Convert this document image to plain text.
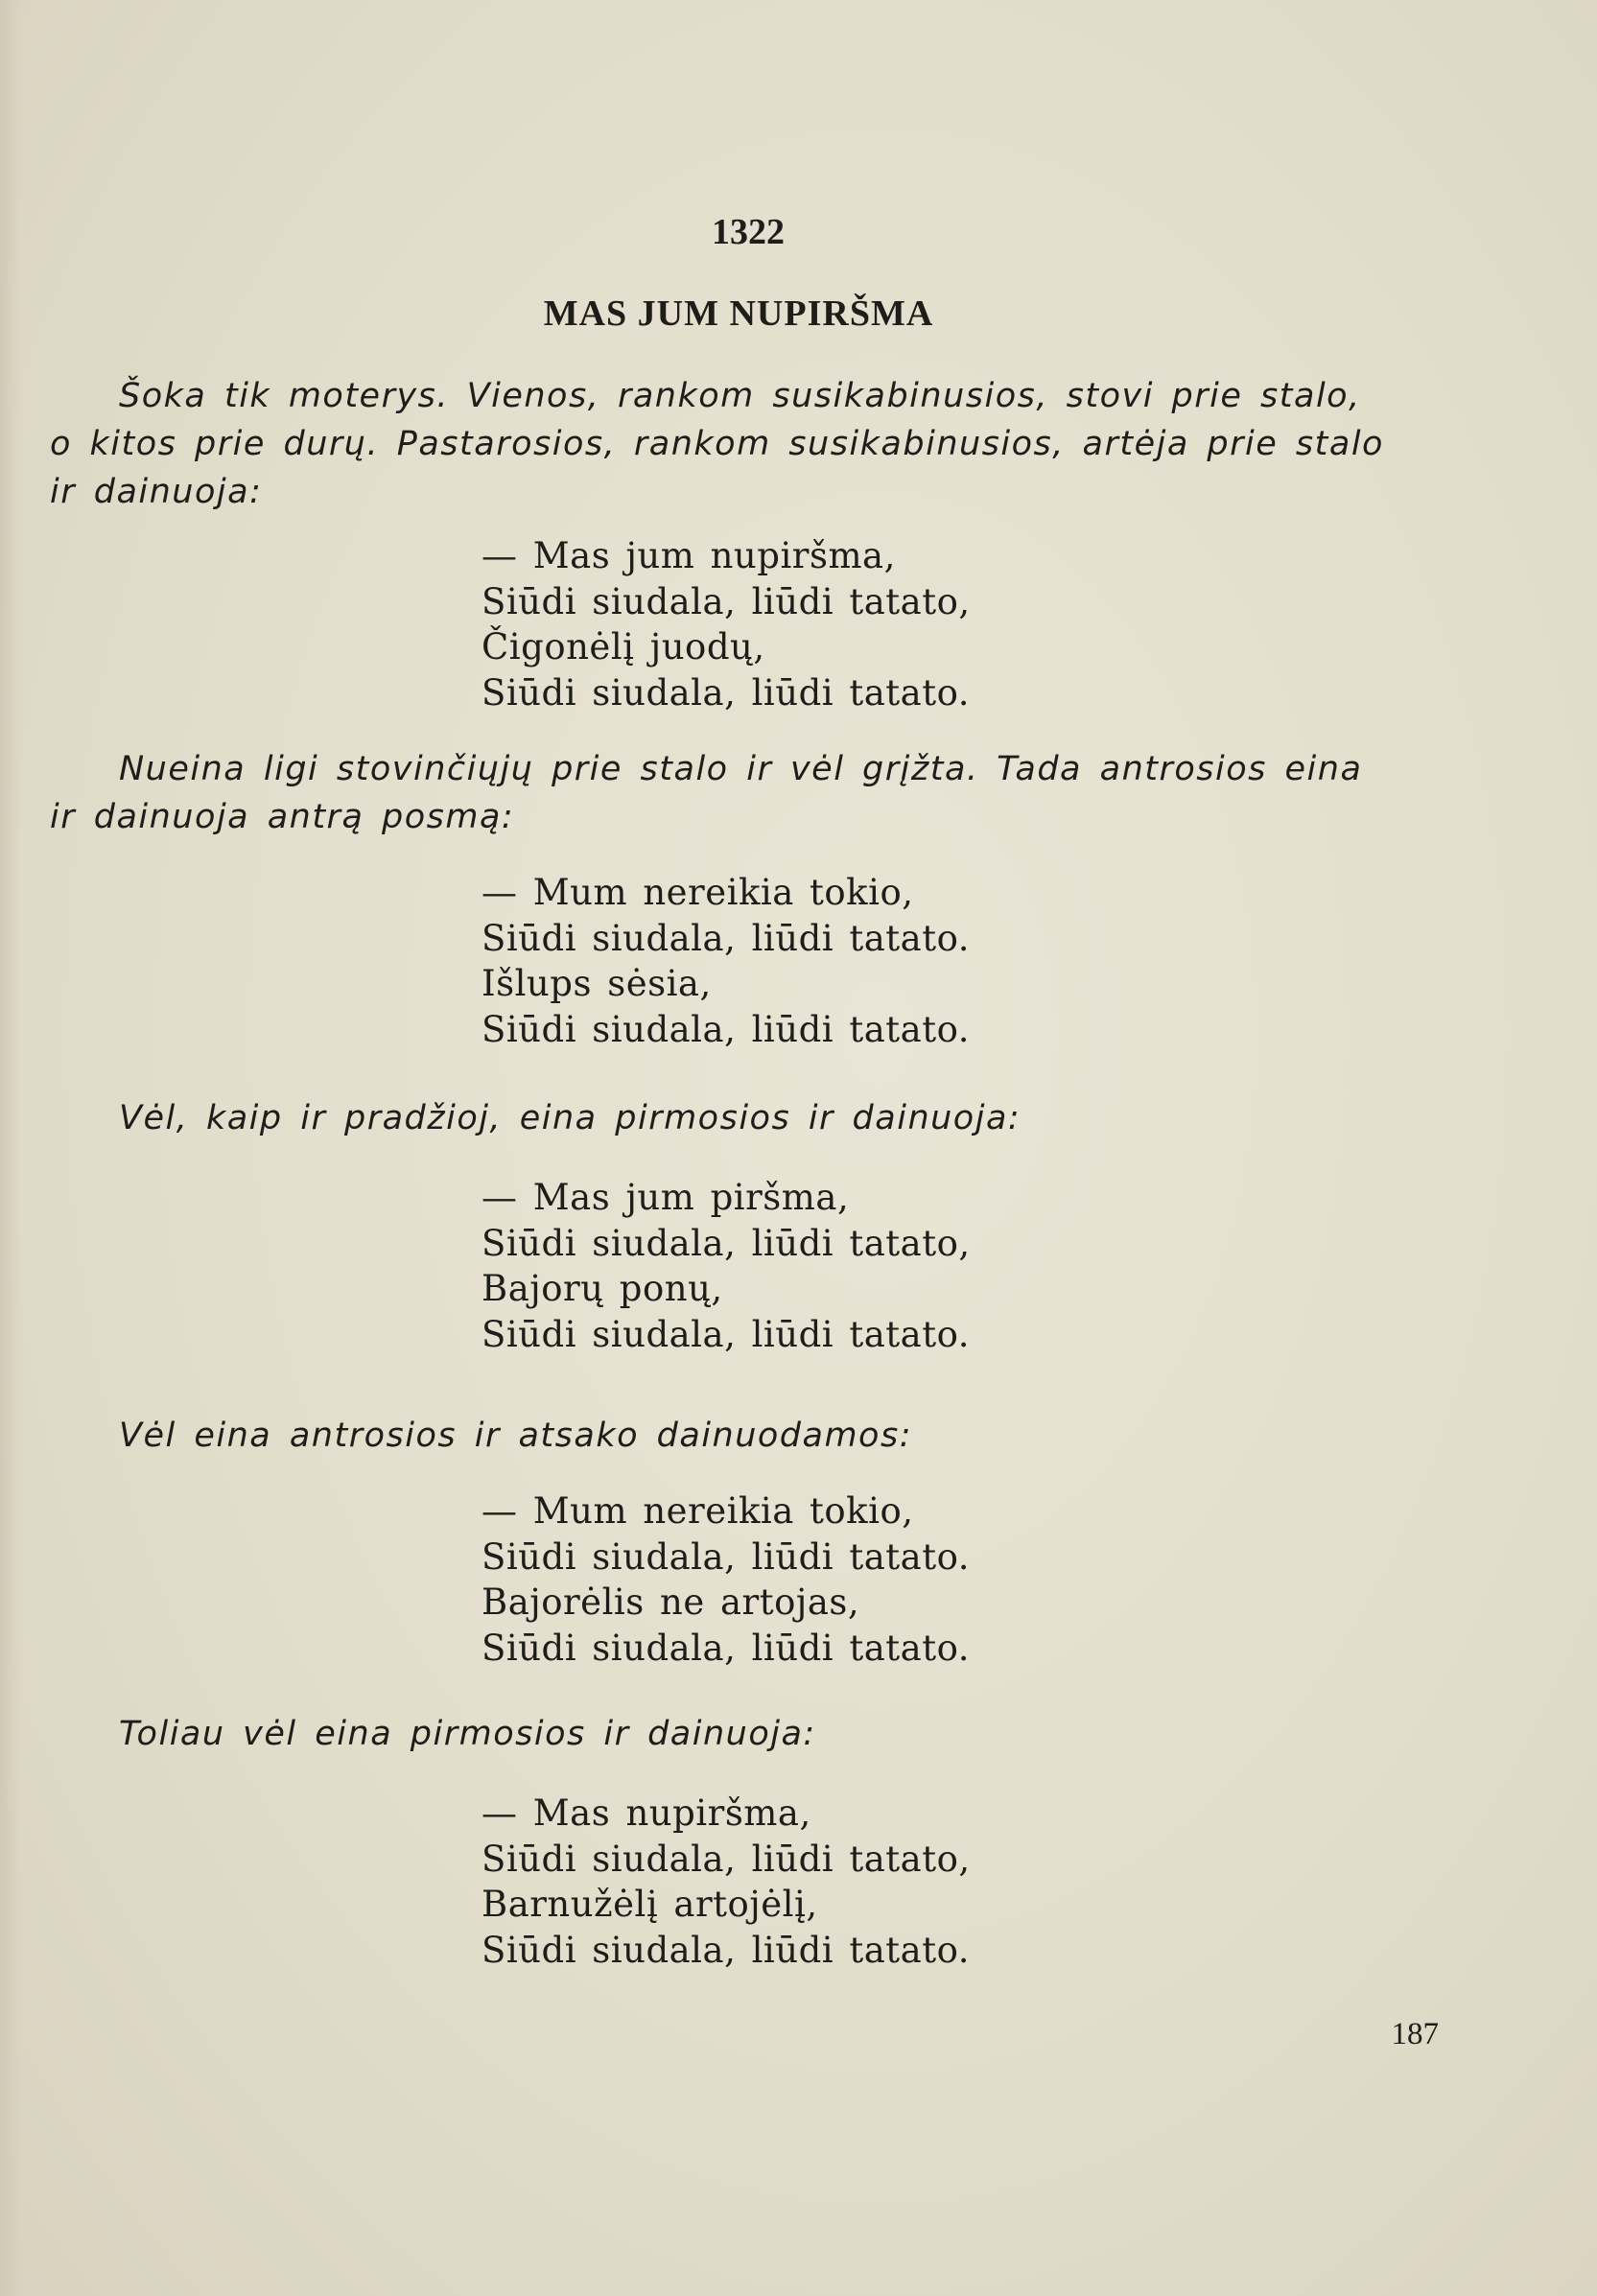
1322
MAS JUM NUPIRŠMA
Šoka tik moterys. Vienos, rankom susikabinusios, stovi prie stalo,
o kitos prie durų. Pastarosios, rankom susikabinusios, artėja prie stalo
ir dainuoja:
— Mas jum nupiršma,
Siūdi siudala, liūdi tatato,
Čigonėlį juodų,
Siūdi siudala, liūdi tatato.
Nueina ligi stovinčiųjų prie stalo ir vėl grįžta. Tada antrosios eina
ir dainuoja antrą posmą:
— Mum nereikia tokio,
Siūdi siudala, liūdi tatato.
Išlups sėsia,
Siūdi siudala, liūdi tatato.
Vėl, kaip ir pradžioj, eina pirmosios ir dainuoja:
— Mas jum piršma,
Siūdi siudala, liūdi tatato,
Bajorų ponų,
Siūdi siudala, liūdi tatato.
Vėl eina antrosios ir atsako dainuodamos:
— Mum nereikia tokio,
Siūdi siudala, liūdi tatato.
Bajorėlis ne artojas,
Siūdi siudala, liūdi tatato.
Toliau vėl eina pirmosios ir dainuoja:
— Mas nupiršma,
Siūdi siudala, liūdi tatato,
Barnužėlį artojėlį,
Siūdi siudala, liūdi tatato.
187
